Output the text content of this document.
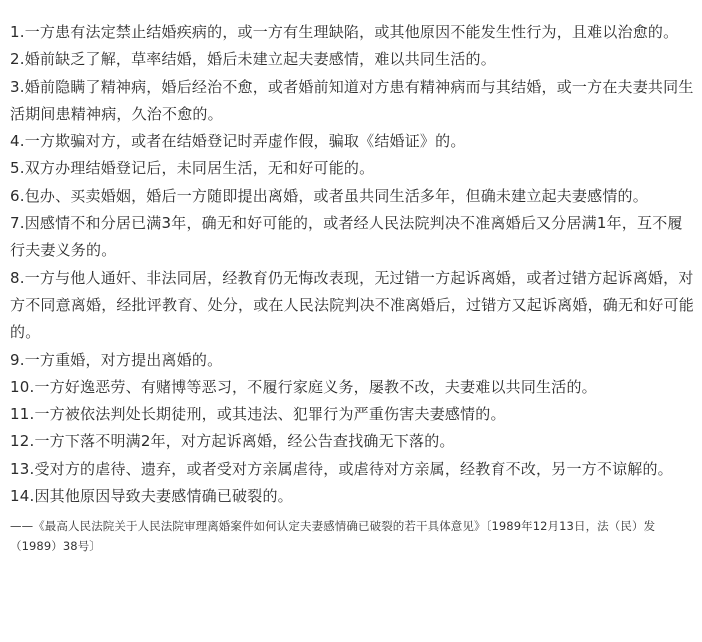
1.一方患有法定禁止结婚疾病的，或一方有生理缺陷，或其他原因不能发生性行为，且难以治愈的。

2.婚前缺乏了解，草率结婚，婚后未建立起夫妻感情，难以共同生活的。

3.婚前隐瞒了精神病，婚后经治不愈，或者婚前知道对方患有精神病而与其结婚，或一方在夫妻共同生活期间患精神病，久治不愈的。

4.一方欺骗对方，或者在结婚登记时弄虚作假，骗取《结婚证》的。

5.双方办理结婚登记后，未同居生活，无和好可能的。

6.包办、买卖婚姻，婚后一方随即提出离婚，或者虽共同生活多年，但确未建立起夫妻感情的。

7.因感情不和分居已满3年，确无和好可能的，或者经人民法院判决不准离婚后又分居满1年，互不履行夫妻义务的。

8.一方与他人通奸、非法同居，经教育仍无悔改表现，无过错一方起诉离婚，或者过错方起诉离婚，对方不同意离婚，经批评教育、处分，或在人民法院判决不准离婚后，过错方又起诉离婚，确无和好可能的。

9.一方重婚，对方提出离婚的。

10.一方好逸恶劳、有赌博等恶习，不履行家庭义务，屡教不改，夫妻难以共同生活的。

11.一方被依法判处长期徒刑，或其违法、犯罪行为严重伤害夫妻感情的。

12.一方下落不明满2年，对方起诉离婚，经公告查找确无下落的。

13.受对方的虐待、遗弃，或者受对方亲属虐待，或虐待对方亲属，经教育不改，另一方不谅解的。

14.因其他原因导致夫妻感情确已破裂的。

——《最高人民法院关于人民法院审理离婚案件如何认定夫妻感情确已破裂的若干具体意见》〔1989年12月13日，法（民）发（1989）38号〕
